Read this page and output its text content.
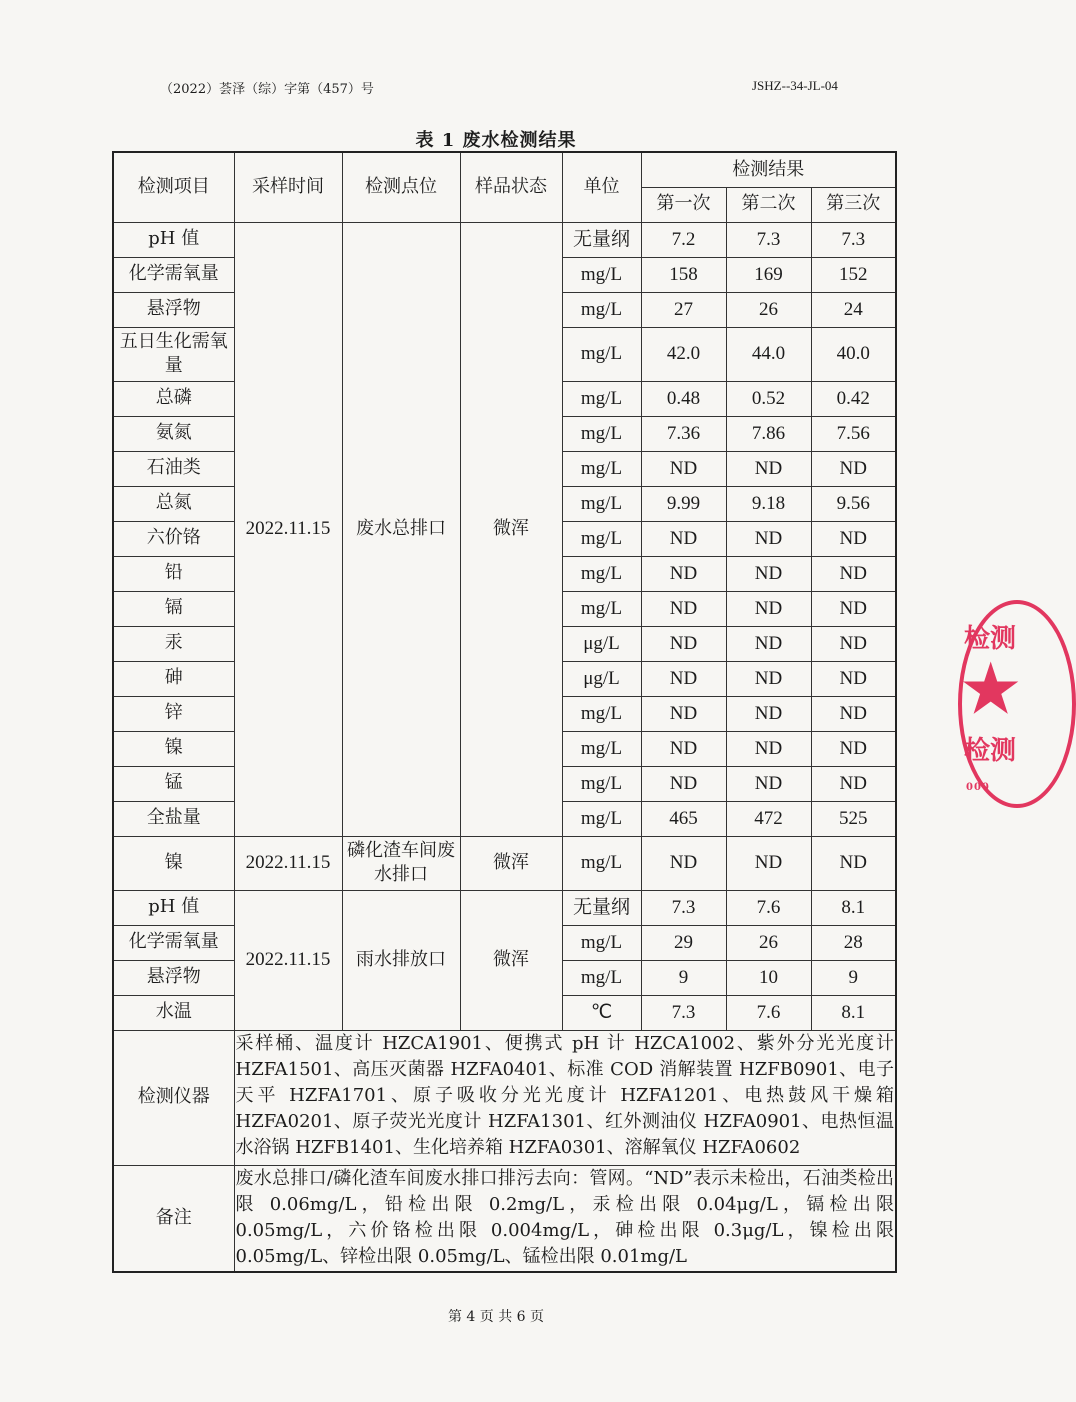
（2022）荟泽（综）字第（457）号	JSHZ--34-JL-04
表 1 废水检测结果
检测项目	采样时间	检测点位	样品状态	单位	检测结果		
					第一次	第二次	第三次
pH 值	2022.11.15	废水总排口	微浑	无量纲	7.2	7.3	7.3
化学需氧量				mg/L	158	169	152
悬浮物				mg/L	27	26	24
五日生化需氧量				mg/L	42.0	44.0	40.0
总磷				mg/L	0.48	0.52	0.42
氨氮				mg/L	7.36	7.86	7.56
石油类				mg/L	ND	ND	ND
总氮				mg/L	9.99	9.18	9.56
六价铬				mg/L	ND	ND	ND
铅				mg/L	ND	ND	ND
镉				mg/L	ND	ND	ND
汞				μg/L	ND	ND	ND
砷				μg/L	ND	ND	ND
锌				mg/L	ND	ND	ND
镍				mg/L	ND	ND	ND
锰				mg/L	ND	ND	ND
全盐量				mg/L	465	472	525
镍	2022.11.15	磷化渣车间废水排口	微浑	mg/L	ND	ND	ND
pH 值	2022.11.15	雨水排放口	微浑	无量纲	7.3	7.6	8.1
化学需氧量				mg/L	29	26	28
悬浮物				mg/L	9	10	9
水温				℃	7.3	7.6	8.1
检测仪器	采样桶、温度计 HZCA1901、便携式 pH 计 HZCA1002、紫外分光光度计 HZFA1501、高压灭菌器 HZFA0401、标准 COD 消解装置 HZFB0901、电子天平 HZFA1701、原子吸收分光光度计 HZFA1201、电热鼓风干燥箱 HZFA0201、原子荧光光度计 HZFA1301、红外测油仪 HZFA0901、电热恒温水浴锅 HZFB1401、生化培养箱 HZFA0301、溶解氧仪 HZFA0602						
备注	废水总排口/磷化渣车间废水排口排污去向：管网。“ND”表示未检出，石油类检出限 0.06mg/L，铅检出限 0.2mg/L，汞检出限 0.04μg/L，镉检出限 0.05mg/L，六价铬检出限 0.004mg/L，砷检出限 0.3μg/L，镍检出限 0.05mg/L、锌检出限 0.05mg/L、锰检出限 0.01mg/L						
第 4 页 共 6 页
检测
★
检测
000
